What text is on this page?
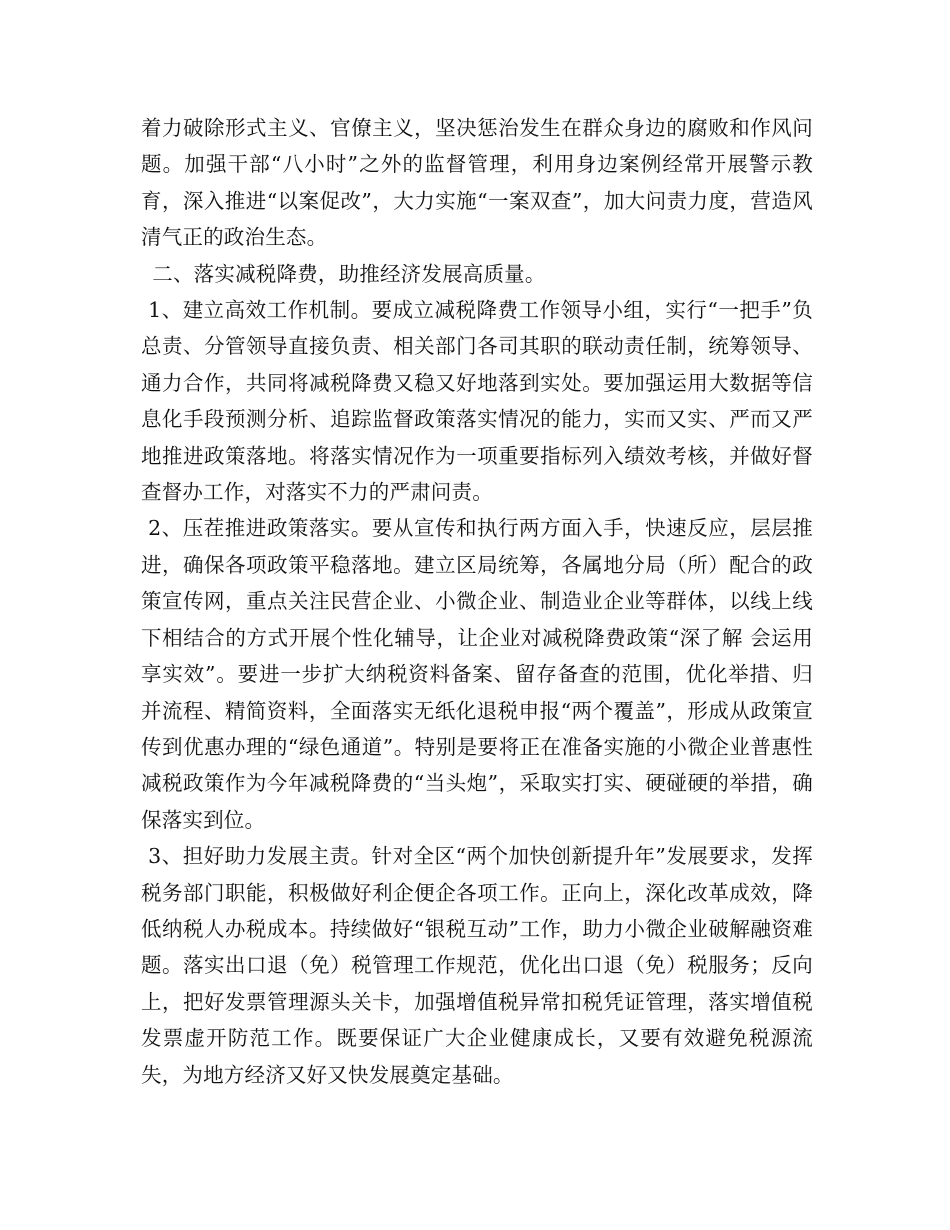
着力破除形式主义、官僚主义，坚决惩治发生在群众身边的腐败和作风问题。加强干部“八小时”之外的监督管理，利用身边案例经常开展警示教育，深入推进“以案促改”，大力实施“一案双查”，加大问责力度，营造风清气正的政治生态。

二、落实减税降费，助推经济发展高质量。

1、建立高效工作机制。要成立减税降费工作领导小组，实行“一把手”负总责、分管领导直接负责、相关部门各司其职的联动责任制，统筹领导、通力合作，共同将减税降费又稳又好地落到实处。要加强运用大数据等信息化手段预测分析、追踪监督政策落实情况的能力，实而又实、严而又严地推进政策落地。将落实情况作为一项重要指标列入绩效考核，并做好督查督办工作，对落实不力的严肃问责。

2、压茬推进政策落实。要从宣传和执行两方面入手，快速反应，层层推进，确保各项政策平稳落地。建立区局统筹，各属地分局（所）配合的政策宣传网，重点关注民营企业、小微企业、制造业企业等群体，以线上线下相结合的方式开展个性化辅导，让企业对减税降费政策“深了解 会运用 享实效”。要进一步扩大纳税资料备案、留存备查的范围，优化举措、归并流程、精简资料，全面落实无纸化退税申报“两个覆盖”，形成从政策宣传到优惠办理的“绿色通道”。特别是要将正在准备实施的小微企业普惠性减税政策作为今年减税降费的“当头炮”，采取实打实、硬碰硬的举措，确保落实到位。

3、担好助力发展主责。针对全区“两个加快创新提升年”发展要求，发挥税务部门职能，积极做好利企便企各项工作。正向上，深化改革成效，降低纳税人办税成本。持续做好“银税互动”工作，助力小微企业破解融资难题。落实出口退（免）税管理工作规范，优化出口退（免）税服务；反向上，把好发票管理源头关卡，加强增值税异常扣税凭证管理，落实增值税发票虚开防范工作。既要保证广大企业健康成长，又要有效避免税源流失，为地方经济又好又快发展奠定基础。
